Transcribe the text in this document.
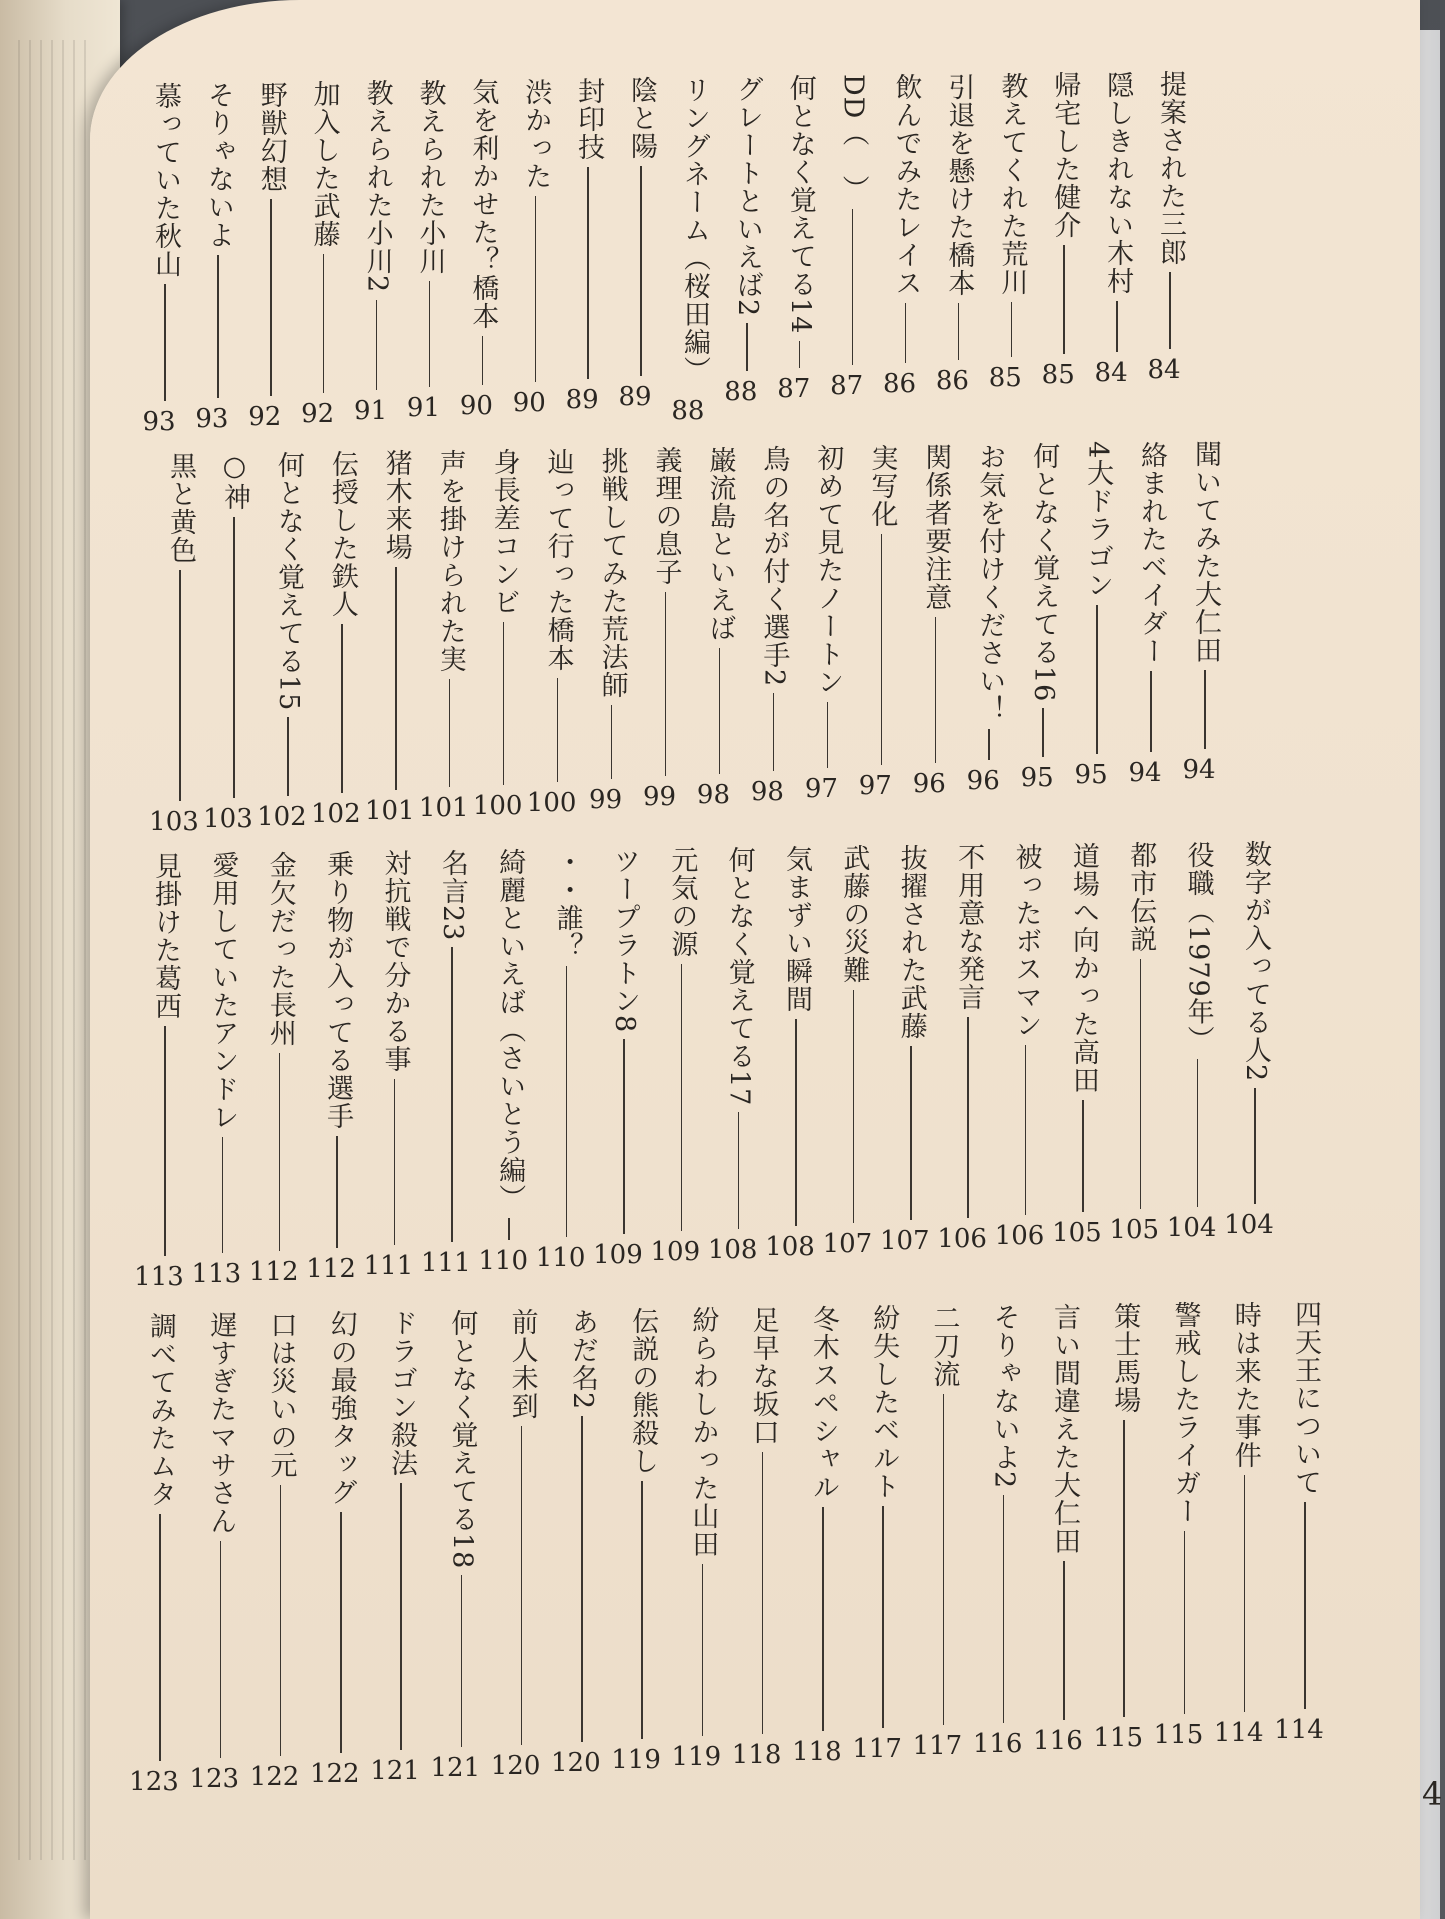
提案された三郎
84
隠しきれない木村
84
帰宅した健介
85
教えてくれた荒川
85
引退を懸けた橋本
86
飲んでみたレイス
86
DD（　）
87
何となく覚えてる14
87
グレートといえば2
88
リングネーム（桜田編）
88
陰と陽
89
封印技
89
渋かった
90
気を利かせた？橋本
90
教えられた小川
91
教えられた小川2
91
加入した武藤
92
野獣幻想
92
そりゃないよ
93
慕っていた秋山
93
聞いてみた大仁田
94
絡まれたベイダー
94
4大ドラゴン
95
何となく覚えてる16
95
お気を付けください！
96
関係者要注意
96
実写化
97
初めて見たノートン
97
鳥の名が付く選手2
98
巌流島といえば
98
義理の息子
99
挑戦してみた荒法師
99
辿って行った橋本
100
身長差コンビ
100
声を掛けられた実
101
猪木来場
101
伝授した鉄人
102
何となく覚えてる15
102
○神
103
黒と黄色
103
数字が入ってる人2
104
役職（1979年）
104
都市伝説
105
道場へ向かった高田
105
被ったボスマン
106
不用意な発言
106
抜擢された武藤
107
武藤の災難
107
気まずい瞬間
108
何となく覚えてる17
108
元気の源
109
ツープラトン8
109
・・誰？
110
綺麗といえば（さいとう編）
110
名言23
111
対抗戦で分かる事
111
乗り物が入ってる選手
112
金欠だった長州
112
愛用していたアンドレ
113
見掛けた葛西
113
四天王について
114
時は来た事件
114
警戒したライガー
115
策士馬場
115
言い間違えた大仁田
116
そりゃないよ2
116
二刀流
117
紛失したベルト
117
冬木スペシャル
118
足早な坂口
118
紛らわしかった山田
119
伝説の熊殺し
119
あだ名2
120
前人未到
120
何となく覚えてる18
121
ドラゴン殺法
121
幻の最強タッグ
122
口は災いの元
122
遅すぎたマサさん
123
調べてみたムタ
123	4
